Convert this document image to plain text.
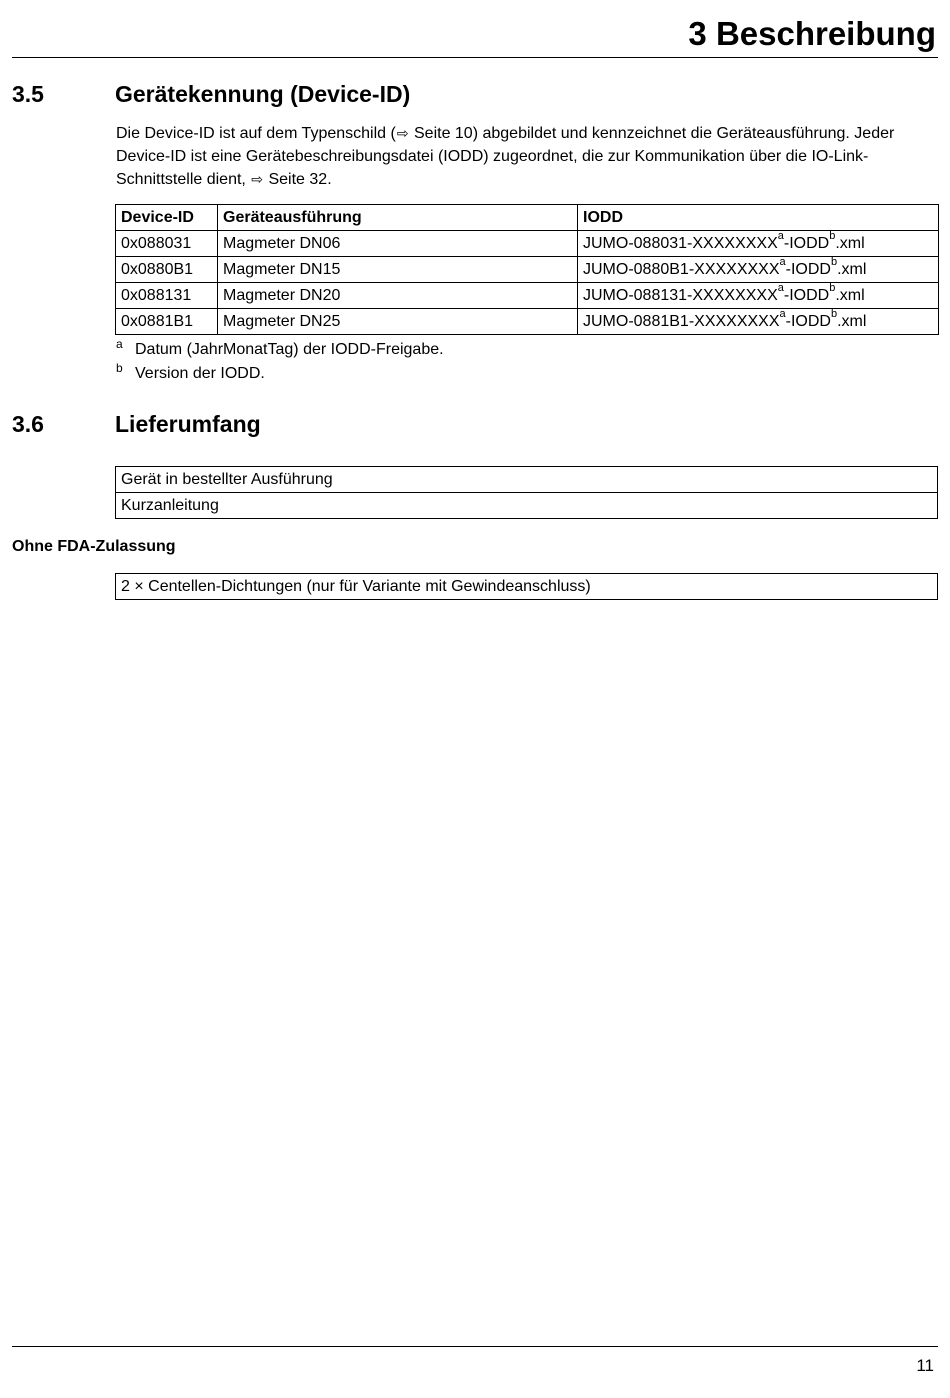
3 Beschreibung
3.5	Gerätekennung (Device-ID)

Die Device-ID ist auf dem Typenschild (⇨ Seite 10) abgebildet und kennzeichnet die Geräteausführung. Jeder Device-ID ist eine Gerätebeschreibungsdatei (IODD) zugeordnet, die zur Kommunikation über die IO-Link-Schnittstelle dient, ⇨ Seite 32.

Device-ID	Geräteausführung	IODD
0x088031	Magmeter DN06	JUMO-088031-XXXXXXXX$^a$-IODD$^b$.xml
0x0880B1	Magmeter DN15	JUMO-0880B1-XXXXXXXX$^a$-IODD$^b$.xml
0x088131	Magmeter DN20	JUMO-088131-XXXXXXXX$^a$-IODD$^b$.xml
0x0881B1	Magmeter DN25	JUMO-0881B1-XXXXXXXX$^a$-IODD$^b$.xml
a Datum (JahrMonatTag) der IODD-Freigabe.
b Version der IODD.
3.6	Lieferumfang
Gerät in bestellter Ausführung
Kurzanleitung
Ohne FDA-Zulassung
2 × Centellen-Dichtungen (nur für Variante mit Gewindeanschluss)
11
